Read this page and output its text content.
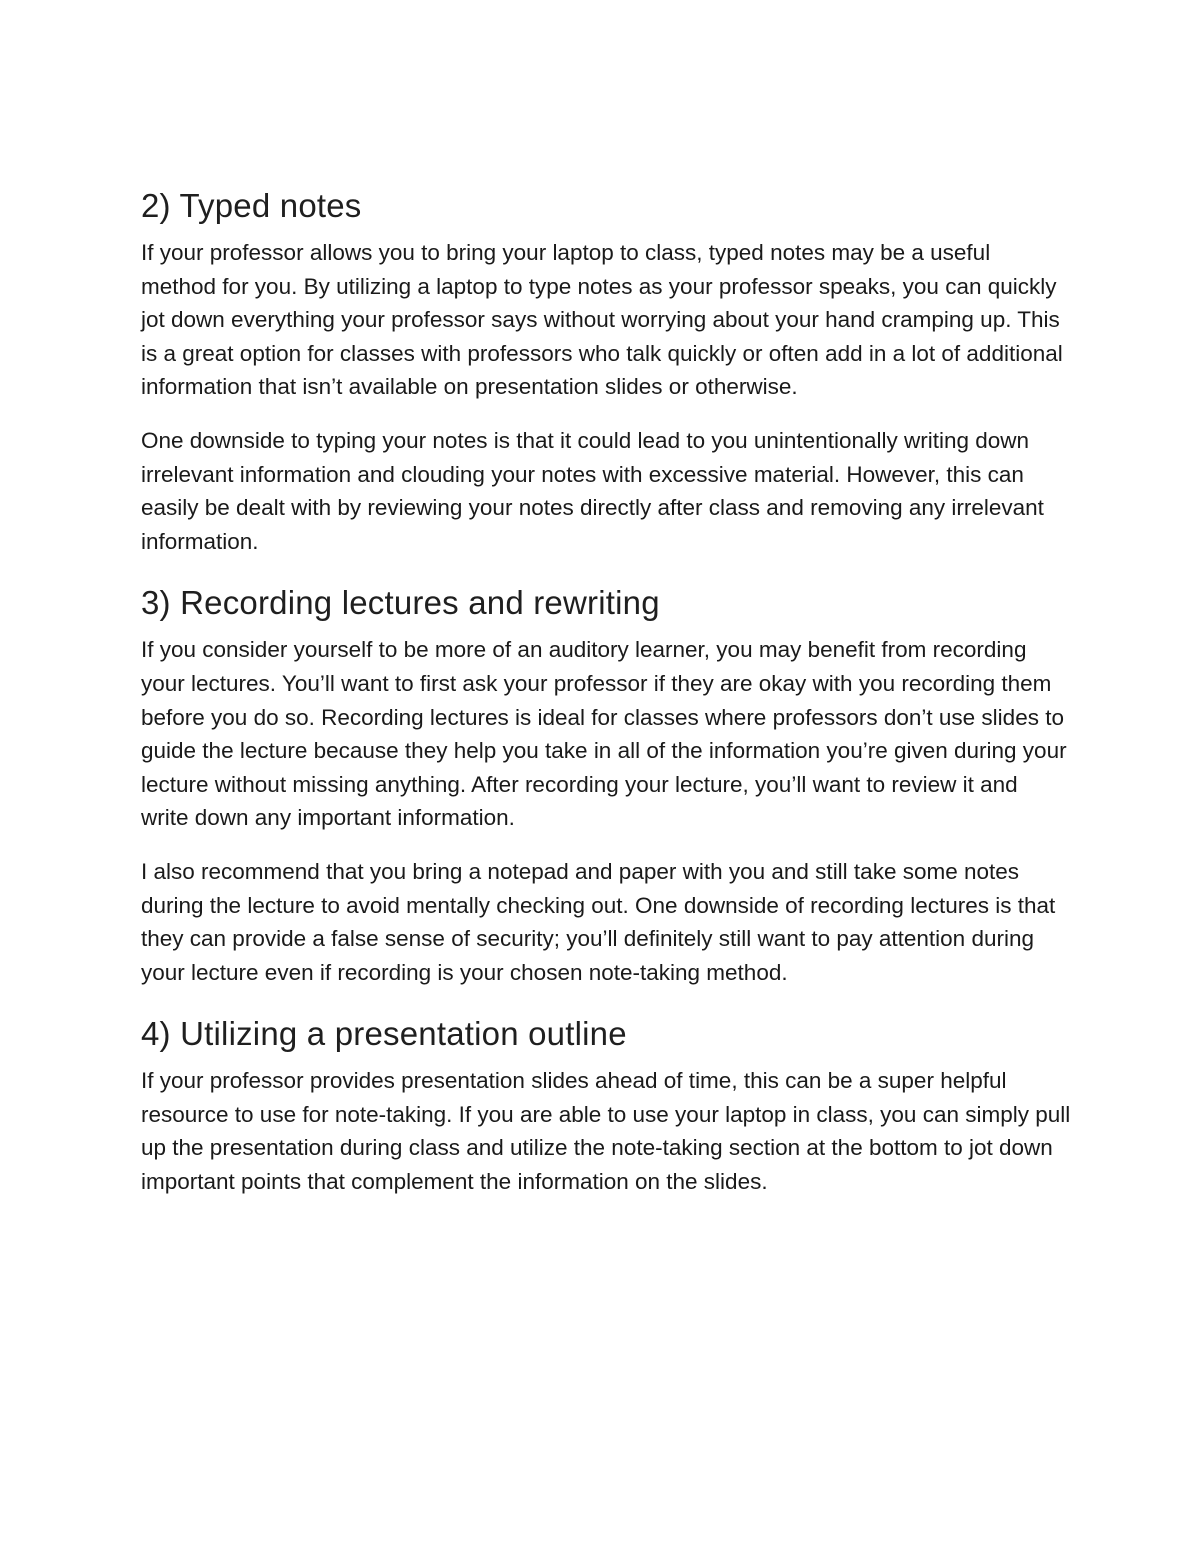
2) Typed notes

If your professor allows you to bring your laptop to class, typed notes may be a useful method for you. By utilizing a laptop to type notes as your professor speaks, you can quickly jot down everything your professor says without worrying about your hand cramping up. This is a great option for classes with professors who talk quickly or often add in a lot of additional information that isn’t available on presentation slides or otherwise.

One downside to typing your notes is that it could lead to you unintentionally writing down irrelevant information and clouding your notes with excessive material. However, this can easily be dealt with by reviewing your notes directly after class and removing any irrelevant information.

3) Recording lectures and rewriting

If you consider yourself to be more of an auditory learner, you may benefit from recording your lectures. You’ll want to first ask your professor if they are okay with you recording them before you do so. Recording lectures is ideal for classes where professors don’t use slides to guide the lecture because they help you take in all of the information you’re given during your lecture without missing anything. After recording your lecture, you’ll want to review it and write down any important information.

I also recommend that you bring a notepad and paper with you and still take some notes during the lecture to avoid mentally checking out. One downside of recording lectures is that they can provide a false sense of security; you’ll definitely still want to pay attention during your lecture even if recording is your chosen note-taking method.

4) Utilizing a presentation outline

If your professor provides presentation slides ahead of time, this can be a super helpful resource to use for note-taking. If you are able to use your laptop in class, you can simply pull up the presentation during class and utilize the note-taking section at the bottom to jot down important points that complement the information on the slides.
